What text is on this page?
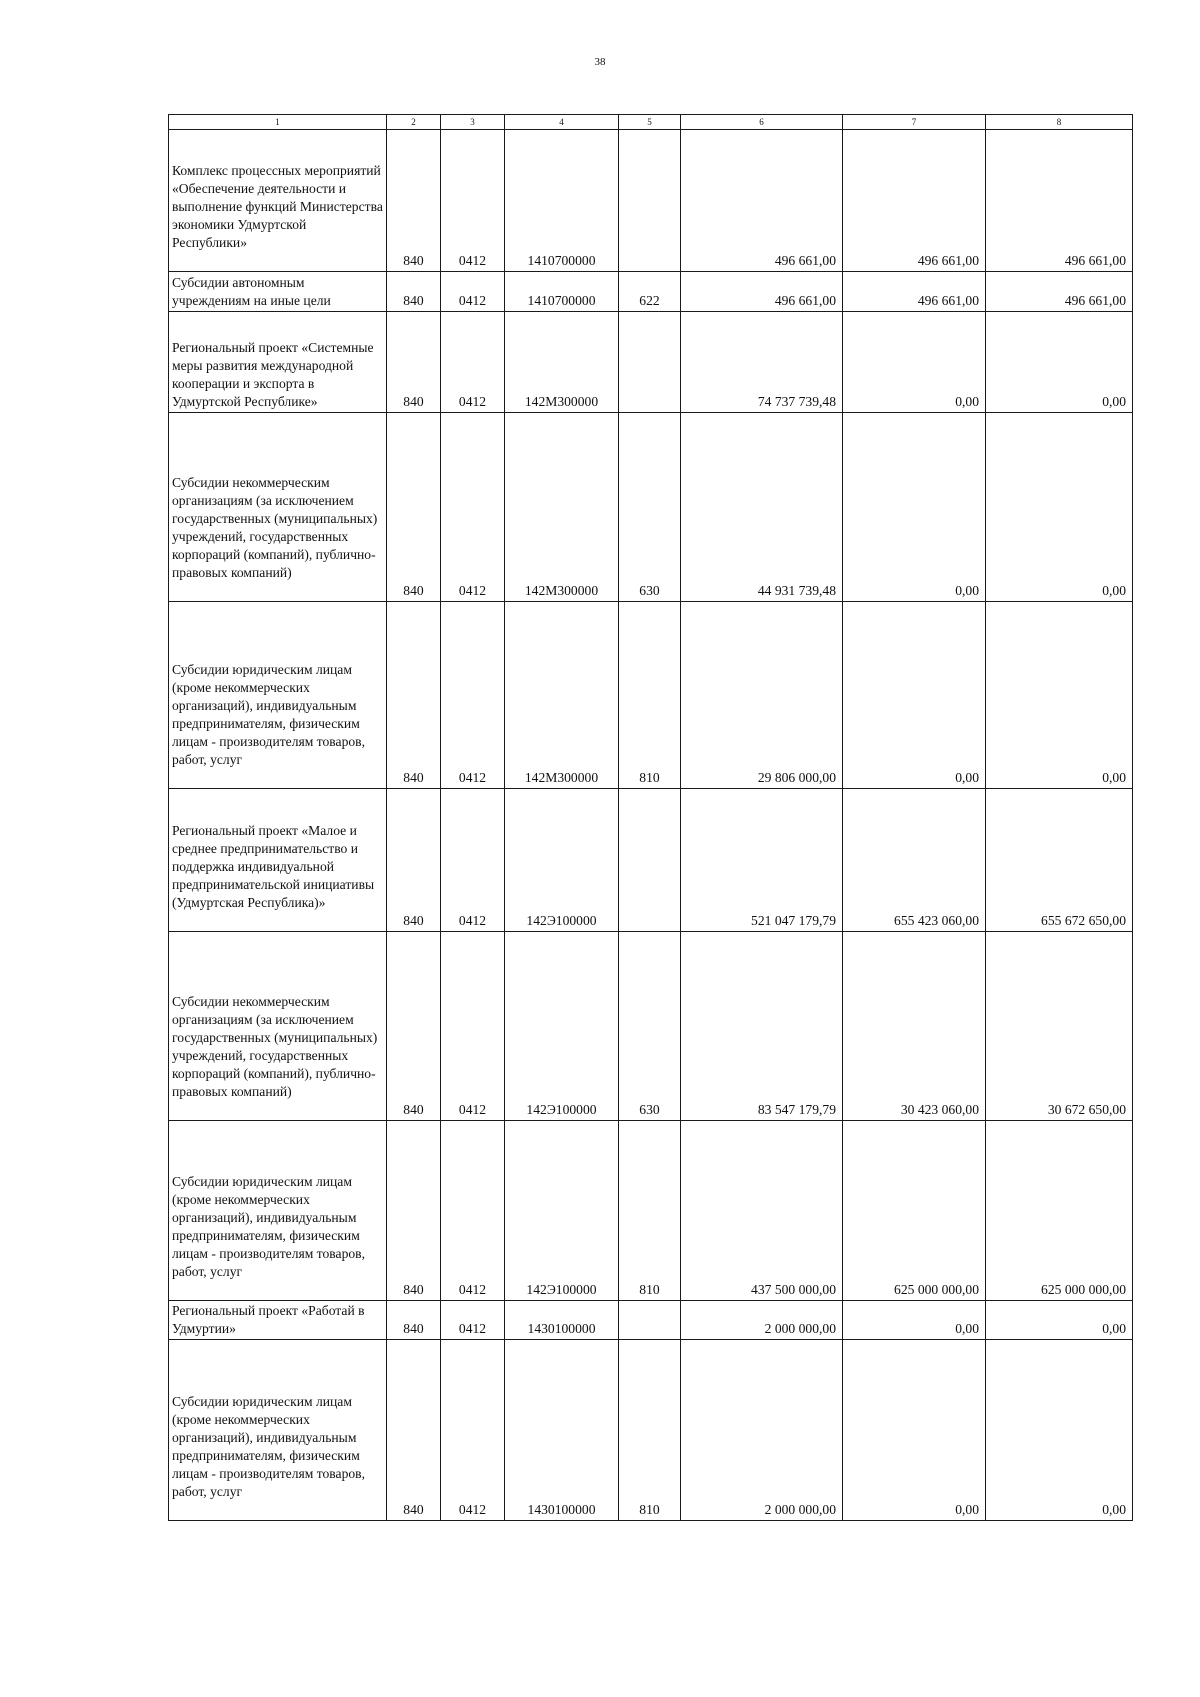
38
1	2	3	4	5	6	7	8

Комплекс процессных мероприятий «Обеспечение деятельности и выполнение функций Министерства экономики Удмуртской Республики»	840	0412	1410700000		496 661,00	496 661,00	496 661,00

Субсидии автономным учреждениям на иные цели	840	0412	1410700000	622	496 661,00	496 661,00	496 661,00

Региональный проект «Системные меры развития международной кооперации и экспорта в Удмуртской Республике»	840	0412	142M300000		74 737 739,48	0,00	0,00

Субсидии некоммерческим организациям (за исключением государственных (муниципальных) учреждений, государственных корпораций (компаний), публично-правовых компаний)	840	0412	142M300000	630	44 931 739,48	0,00	0,00

Субсидии юридическим лицам (кроме некоммерческих организаций), индивидуальным предпринимателям, физическим лицам - производителям товаров, работ, услуг	840	0412	142M300000	810	29 806 000,00	0,00	0,00

Региональный проект «Малое и среднее предпринимательство и поддержка индивидуальной предпринимательской инициативы (Удмуртская Республика)»	840	0412	142Э100000		521 047 179,79	655 423 060,00	655 672 650,00

Субсидии некоммерческим организациям (за исключением государственных (муниципальных) учреждений, государственных корпораций (компаний), публично-правовых компаний)	840	0412	142Э100000	630	83 547 179,79	30 423 060,00	30 672 650,00

Субсидии юридическим лицам (кроме некоммерческих организаций), индивидуальным предпринимателям, физическим лицам - производителям товаров, работ, услуг	840	0412	142Э100000	810	437 500 000,00	625 000 000,00	625 000 000,00

Региональный проект «Работай в Удмуртии»	840	0412	1430100000		2 000 000,00	0,00	0,00

Субсидии юридическим лицам (кроме некоммерческих организаций), индивидуальным предпринимателям, физическим лицам - производителям товаров, работ, услуг	840	0412	1430100000	810	2 000 000,00	0,00	0,00
